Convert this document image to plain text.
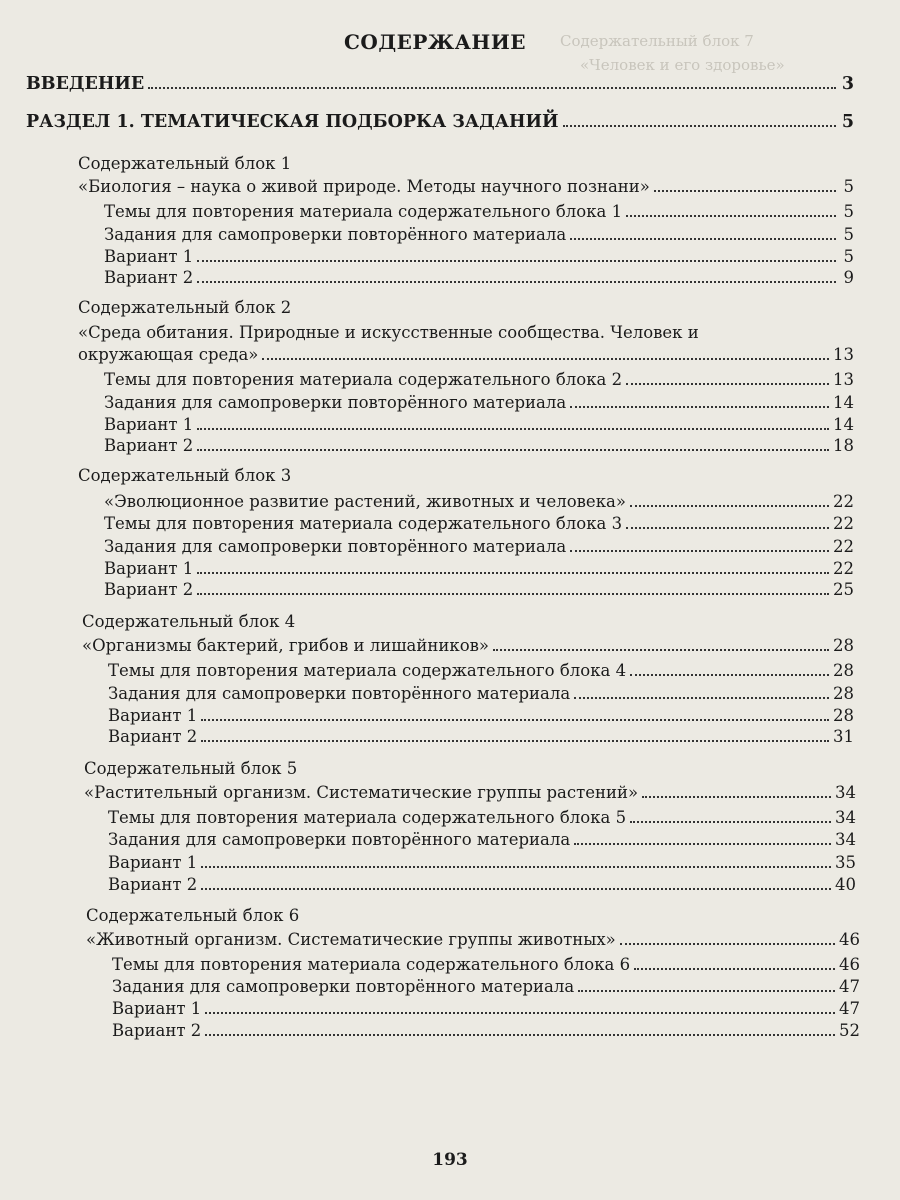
Содержательный блок 7
«Человек и его здоровье»
СОДЕРЖАНИЕ
ВВЕДЕНИЕ	3
РАЗДЕЛ 1. ТЕМАТИЧЕСКАЯ ПОДБОРКА ЗАДАНИЙ	5
Содержательный блок 1
«Биология – наука о живой природе. Методы научного познани»	5
Темы для повторения материала содержательного блока 1	5
Задания для самопроверки повторённого материала	5
Вариант 1	5
Вариант 2	9
Содержательный блок 2
«Среда обитания. Природные и искусственные сообщества. Человек и
окружающая среда»	13
Темы для повторения материала содержательного блока 2	13
Задания для самопроверки повторённого материала	14
Вариант 1	14
Вариант 2	18
Содержательный блок 3
«Эволюционное развитие растений, животных и человека»	22
Темы для повторения материала содержательного блока 3	22
Задания для самопроверки повторённого материала	22
Вариант 1	22
Вариант 2	25
Содержательный блок 4
«Организмы бактерий, грибов и лишайников»	28
Темы для повторения материала содержательного блока 4	28
Задания для самопроверки повторённого материала	28
Вариант 1	28
Вариант 2	31
Содержательный блок 5
«Растительный организм. Систематические группы растений»	34
Темы для повторения материала содержательного блока 5	34
Задания для самопроверки повторённого материала	34
Вариант 1	35
Вариант 2	40
Содержательный блок 6
«Животный организм. Систематические группы животных»	46
Темы для повторения материала содержательного блока 6	46
Задания для самопроверки повторённого материала	47
Вариант 1	47
Вариант 2	52
193
